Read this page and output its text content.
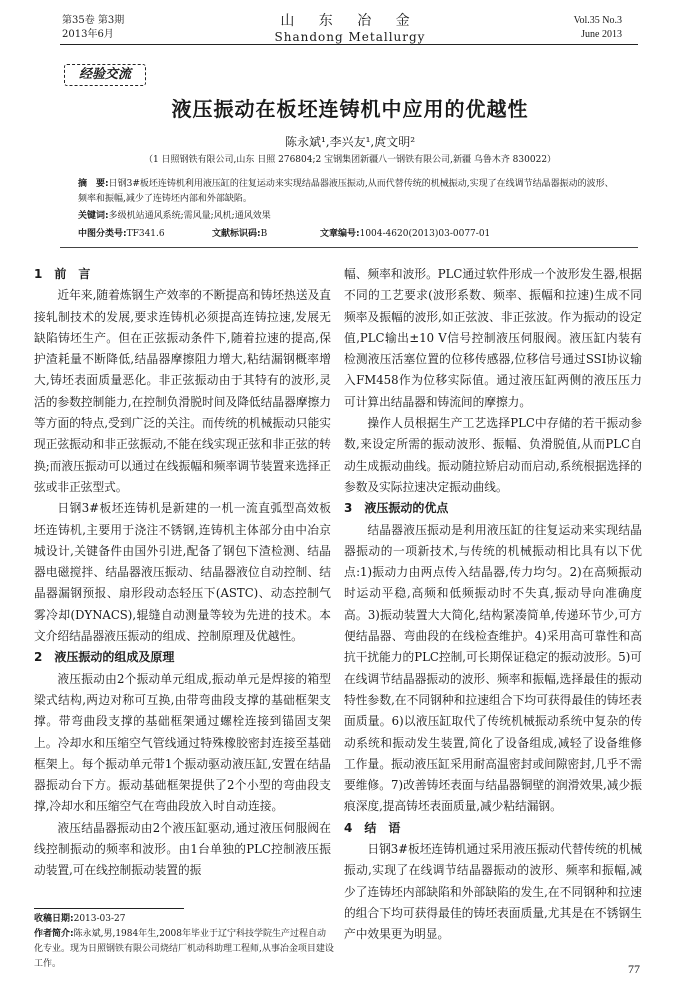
第35卷 第3期
2013年6月
山 东 冶 金
Shandong Metallurgy
Vol.35 No.3
June 2013
经验交流
液压振动在板坯连铸机中应用的优越性
陈永斌¹,李兴友¹,庹文明²
（1 日照钢铁有限公司,山东 日照 276804;2 宝钢集团新疆八一钢铁有限公司,新疆 乌鲁木齐 830022）
摘　要:日钢3#板坯连铸机利用液压缸的往复运动来实现结晶器液压振动,从而代替传统的机械振动,实现了在线调节结晶器振动的波形、频率和振幅,减少了连铸坯内部和外部缺陷。
关键词:多级机站通风系统;需风量;风机;通风效果
中图分类号:TF341.6	文献标识码:B	文章编号:1004-4620(2013)03-0077-01
1　前　言

近年来,随着炼钢生产效率的不断提高和铸坯热送及直接轧制技术的发展,要求连铸机必须提高连铸拉速,发展无缺陷铸坯生产。但在正弦振动条件下,随着拉速的提高,保护渣耗量不断降低,结晶器摩擦阻力增大,粘结漏钢概率增大,铸坯表面质量恶化。非正弦振动由于其特有的波形,灵活的参数控制能力,在控制负滑脱时间及降低结晶器摩擦力等方面的特点,受到广泛的关注。而传统的机械振动只能实现正弦振动和非正弦振动,不能在线实现正弦和非正弦的转换;而液压振动可以通过在线振幅和频率调节装置来选择正弦或非正弦型式。

日钢3#板坯连铸机是新建的一机一流直弧型高效板坯连铸机,主要用于浇注不锈钢,连铸机主体部分由中冶京城设计,关键备件由国外引进,配备了钢包下渣检测、结晶器电磁搅拌、结晶器液压振动、结晶器液位自动控制、结晶器漏钢预报、扇形段动态轻压下(ASTC)、动态控制气雾冷却(DYNACS),辊缝自动测量等较为先进的技术。本文介绍结晶器液压振动的组成、控制原理及优越性。

2　液压振动的组成及原理

液压振动由2个振动单元组成,振动单元是焊接的箱型梁式结构,两边对称可互换,由带弯曲段支撑的基础框架支撑。带弯曲段支撑的基础框架通过螺栓连接到锚固支架上。冷却水和压缩空气管线通过特殊橡胶密封连接至基础框架上。每个振动单元带1个振动驱动液压缸,安置在结晶器振动台下方。振动基础框架提供了2个小型的弯曲段支撑,冷却水和压缩空气在弯曲段放入时自动连接。

液压结晶器振动由2个液压缸驱动,通过液压伺服阀在线控制振动的频率和波形。由1台单独的PLC控制液压振动装置,可在线控制振动装置的振

幅、频率和波形。PLC通过软件形成一个波形发生器,根据不同的工艺要求(波形系数、频率、振幅和拉速)生成不同频率及振幅的波形,如正弦波、非正弦波。作为振动的设定值,PLC输出±10 V信号控制液压伺服阀。液压缸内装有检测液压活塞位置的位移传感器,位移信号通过SSI协议输入FM458作为位移实际值。通过液压缸两侧的液压压力可计算出结晶器和铸流间的摩擦力。

操作人员根据生产工艺选择PLC中存储的若干振动参数,来设定所需的振动波形、振幅、负滑脱值,从而PLC自动生成振动曲线。振动随拉矫启动而启动,系统根据选择的参数及实际拉速决定振动曲线。

3　液压振动的优点

结晶器液压振动是利用液压缸的往复运动来实现结晶器振动的一项新技术,与传统的机械振动相比具有以下优点:1)振动力由两点传入结晶器,传力均匀。2)在高频振动时运动平稳,高频和低频振动时不失真,振动导向准确度高。3)振动装置大大简化,结构紧凑简单,传递环节少,可方便结晶器、弯曲段的在线检查维护。4)采用高可靠性和高抗干扰能力的PLC控制,可长期保证稳定的振动波形。5)可在线调节结晶器振动的波形、频率和振幅,选择最佳的振动特性参数,在不同钢种和拉速组合下均可获得最佳的铸坯表面质量。6)以液压缸取代了传统机械振动系统中复杂的传动系统和振动发生装置,简化了设备组成,减轻了设备维修工作量。振动液压缸采用耐高温密封或间隙密封,几乎不需要维修。7)改善铸坯表面与结晶器铜壁的润滑效果,减少振痕深度,提高铸坯表面质量,减少粘结漏钢。

4　结　语

日钢3#板坯连铸机通过采用液压振动代替传统的机械振动,实现了在线调节结晶器振动的波形、频率和振幅,减少了连铸坯内部缺陷和外部缺陷的发生,在不同钢种和拉速的组合下均可获得最佳的铸坯表面质量,尤其是在不锈钢生产中效果更为明显。

收稿日期:2013-03-27
作者简介:陈永斌,男,1984年生,2008年毕业于辽宁科技学院生产过程自动化专业。现为日照钢铁有限公司烧结厂机动科助理工程师,从事冶金项目建设工作。	77
